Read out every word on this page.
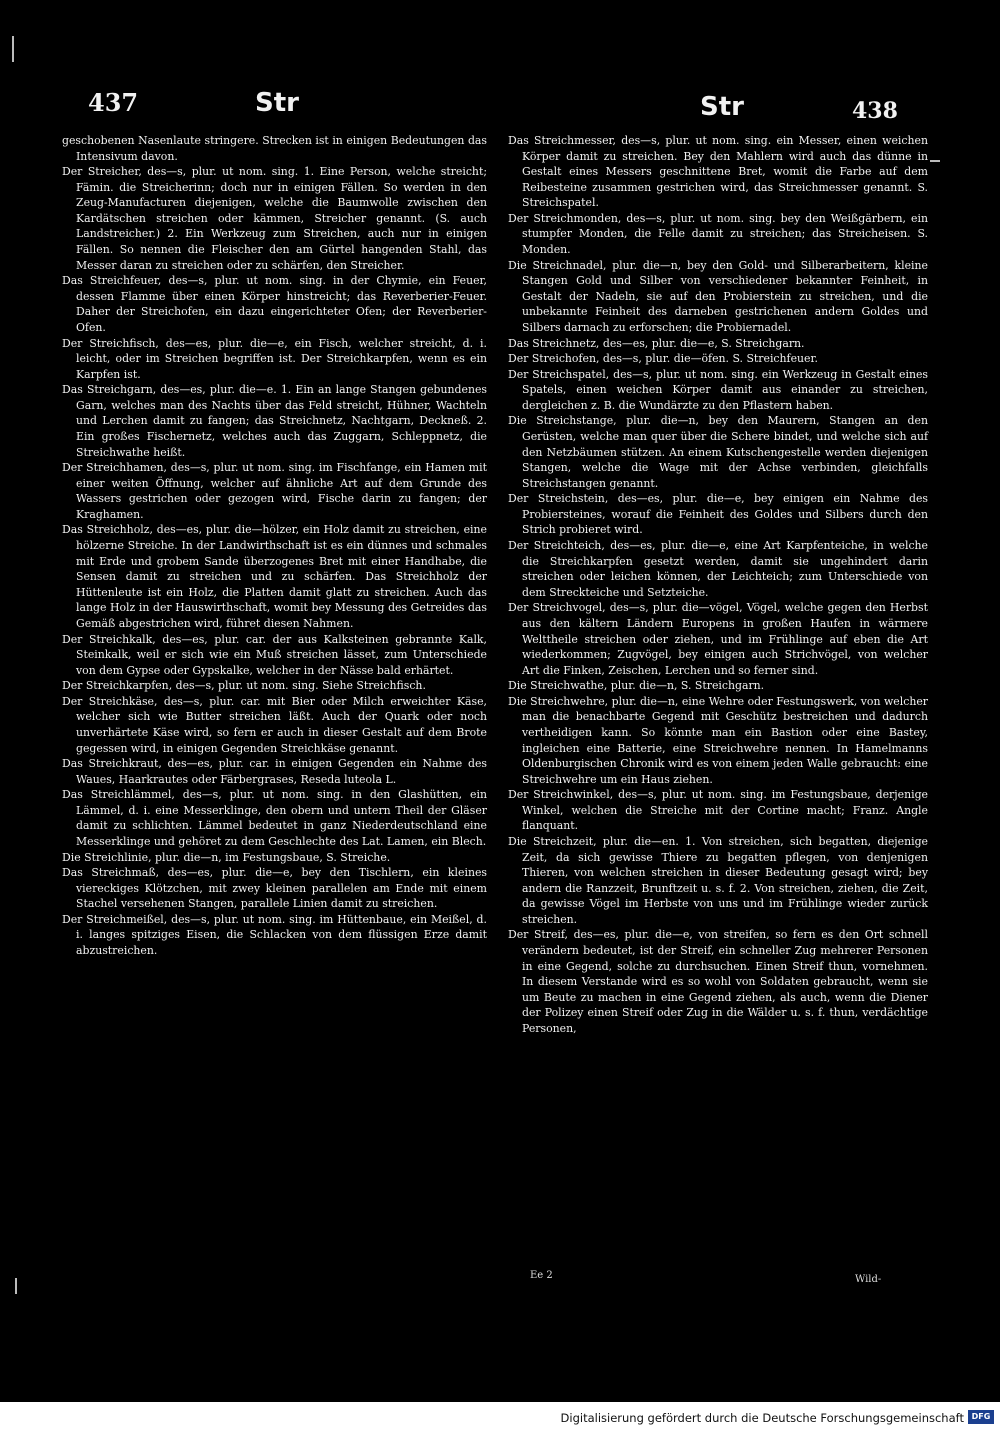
437	Str	Str	438

geschobenen Nasenlaute stringere. Strecken ist in einigen Bedeutungen das Intensivum davon.

Der Streicher, des—s, plur. ut nom. sing. 1. Eine Person, welche streicht; Fämin. die Streicherinn; doch nur in einigen Fällen. So werden in den Zeug-Manufacturen diejenigen, welche die Baumwolle zwischen den Kardätschen streichen oder kämmen, Streicher genannt. (S. auch Landstreicher.) 2. Ein Werkzeug zum Streichen, auch nur in einigen Fällen. So nennen die Fleischer den am Gürtel hangenden Stahl, das Messer daran zu streichen oder zu schärfen, den Streicher.

Das Streichfeuer, des—s, plur. ut nom. sing. in der Chymie, ein Feuer, dessen Flamme über einen Körper hinstreicht; das Reverberier-Feuer. Daher der Streichofen, ein dazu eingerichteter Ofen; der Reverberier-Ofen.

Der Streichfisch, des—es, plur. die—e, ein Fisch, welcher streicht, d. i. leicht, oder im Streichen begriffen ist. Der Streichkarpfen, wenn es ein Karpfen ist.

Das Streichgarn, des—es, plur. die—e. 1. Ein an lange Stangen gebundenes Garn, welches man des Nachts über das Feld streicht, Hühner, Wachteln und Lerchen damit zu fangen; das Streichnetz, Nachtgarn, Deckneß. 2. Ein großes Fischernetz, welches auch das Zuggarn, Schleppnetz, die Streichwathe heißt.

Der Streichhamen, des—s, plur. ut nom. sing. im Fischfange, ein Hamen mit einer weiten Öffnung, welcher auf ähnliche Art auf dem Grunde des Wassers gestrichen oder gezogen wird, Fische darin zu fangen; der Kraghamen.

Das Streichholz, des—es, plur. die—hölzer, ein Holz damit zu streichen, eine hölzerne Streiche. In der Landwirthschaft ist es ein dünnes und schmales mit Erde und grobem Sande überzogenes Bret mit einer Handhabe, die Sensen damit zu streichen und zu schärfen. Das Streichholz der Hüttenleute ist ein Holz, die Platten damit glatt zu streichen. Auch das lange Holz in der Hauswirthschaft, womit bey Messung des Getreides das Gemäß abgestrichen wird, führet diesen Nahmen.

Der Streichkalk, des—es, plur. car. der aus Kalksteinen gebrannte Kalk, Steinkalk, weil er sich wie ein Muß streichen lässet, zum Unterschiede von dem Gypse oder Gypskalke, welcher in der Nässe bald erhärtet.

Der Streichkarpfen, des—s, plur. ut nom. sing. Siehe Streichfisch.

Der Streichkäse, des—s, plur. car. mit Bier oder Milch erweichter Käse, welcher sich wie Butter streichen läßt. Auch der Quark oder noch unverhärtete Käse wird, so fern er auch in dieser Gestalt auf dem Brote gegessen wird, in einigen Gegenden Streichkäse genannt.

Das Streichkraut, des—es, plur. car. in einigen Gegenden ein Nahme des Waues, Haarkrautes oder Färbergrases, Reseda luteola L.

Das Streichlämmel, des—s, plur. ut nom. sing. in den Glashütten, ein Lämmel, d. i. eine Messerklinge, den obern und untern Theil der Gläser damit zu schlichten. Lämmel bedeutet in ganz Niederdeutschland eine Messerklinge und gehöret zu dem Geschlechte des Lat. Lamen, ein Blech.

Die Streichlinie, plur. die—n, im Festungsbaue, S. Streiche.

Das Streichmaß, des—es, plur. die—e, bey den Tischlern, ein kleines viereckiges Klötzchen, mit zwey kleinen parallelen am Ende mit einem Stachel versehenen Stangen, parallele Linien damit zu streichen.

Der Streichmeißel, des—s, plur. ut nom. sing. im Hüttenbaue, ein Meißel, d. i. langes spitziges Eisen, die Schlacken von dem flüssigen Erze damit abzustreichen.

Das Streichmesser, des—s, plur. ut nom. sing. ein Messer, einen weichen Körper damit zu streichen. Bey den Mahlern wird auch das dünne in Gestalt eines Messers geschnittene Bret, womit die Farbe auf dem Reibesteine zusammen gestrichen wird, das Streichmesser genannt. S. Streichspatel.

Der Streichmonden, des—s, plur. ut nom. sing. bey den Weißgärbern, ein stumpfer Monden, die Felle damit zu streichen; das Streicheisen. S. Monden.

Die Streichnadel, plur. die—n, bey den Gold- und Silberarbeitern, kleine Stangen Gold und Silber von verschiedener bekannter Feinheit, in Gestalt der Nadeln, sie auf den Probierstein zu streichen, und die unbekannte Feinheit des darneben gestrichenen andern Goldes und Silbers darnach zu erforschen; die Probiernadel.

Das Streichnetz, des—es, plur. die—e, S. Streichgarn.

Der Streichofen, des—s, plur. die—öfen. S. Streichfeuer.

Der Streichspatel, des—s, plur. ut nom. sing. ein Werkzeug in Gestalt eines Spatels, einen weichen Körper damit aus einander zu streichen, dergleichen z. B. die Wundärzte zu den Pflastern haben.

Die Streichstange, plur. die—n, bey den Maurern, Stangen an den Gerüsten, welche man quer über die Schere bindet, und welche sich auf den Netzbäumen stützen. An einem Kutschengestelle werden diejenigen Stangen, welche die Wage mit der Achse verbinden, gleichfalls Streichstangen genannt.

Der Streichstein, des—es, plur. die—e, bey einigen ein Nahme des Probiersteines, worauf die Feinheit des Goldes und Silbers durch den Strich probieret wird.

Der Streichteich, des—es, plur. die—e, eine Art Karpfenteiche, in welche die Streichkarpfen gesetzt werden, damit sie ungehindert darin streichen oder leichen können, der Leichteich; zum Unterschiede von dem Streckteiche und Setzteiche.

Der Streichvogel, des—s, plur. die—vögel, Vögel, welche gegen den Herbst aus den kältern Ländern Europens in großen Haufen in wärmere Welttheile streichen oder ziehen, und im Frühlinge auf eben die Art wiederkommen; Zugvögel, bey einigen auch Strichvögel, von welcher Art die Finken, Zeischen, Lerchen und so ferner sind.

Die Streichwathe, plur. die—n, S. Streichgarn.

Die Streichwehre, plur. die—n, eine Wehre oder Festungswerk, von welcher man die benachbarte Gegend mit Geschütz bestreichen und dadurch vertheidigen kann. So könnte man ein Bastion oder eine Bastey, ingleichen eine Batterie, eine Streichwehre nennen. In Hamelmanns Oldenburgischen Chronik wird es von einem jeden Walle gebraucht: eine Streichwehre um ein Haus ziehen.

Der Streichwinkel, des—s, plur. ut nom. sing. im Festungsbaue, derjenige Winkel, welchen die Streiche mit der Cortine macht; Franz. Angle flanquant.

Die Streichzeit, plur. die—en. 1. Von streichen, sich begatten, diejenige Zeit, da sich gewisse Thiere zu begatten pflegen, von denjenigen Thieren, von welchen streichen in dieser Bedeutung gesagt wird; bey andern die Ranzzeit, Brunftzeit u. s. f. 2. Von streichen, ziehen, die Zeit, da gewisse Vögel im Herbste von uns und im Frühlinge wieder zurück streichen.

Der Streif, des—es, plur. die—e, von streifen, so fern es den Ort schnell verändern bedeutet, ist der Streif, ein schneller Zug mehrerer Personen in eine Gegend, solche zu durchsuchen. Einen Streif thun, vornehmen. In diesem Verstande wird es so wohl von Soldaten gebraucht, wenn sie um Beute zu machen in eine Gegend ziehen, als auch, wenn die Diener der Polizey einen Streif oder Zug in die Wälder u. s. f. thun, verdächtige Personen,

Ee 2	Wild-
Digitalisierung gefördert durch die Deutsche Forschungsgemeinschaft DFG
